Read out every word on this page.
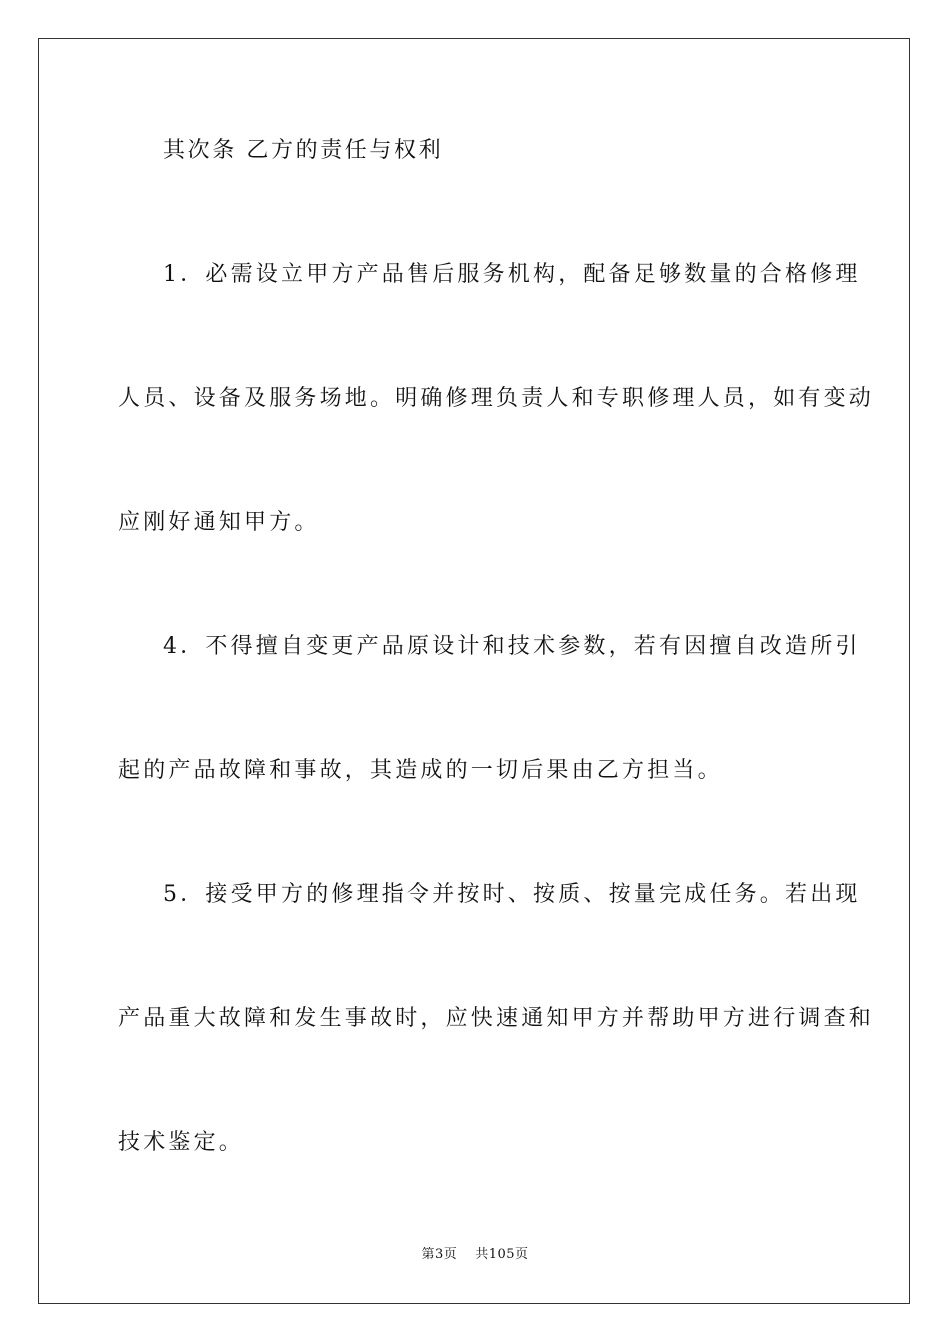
其次条 乙方的责任与权利
1．必需设立甲方产品售后服务机构，配备足够数量的合格修理
人员、设备及服务场地。明确修理负责人和专职修理人员，如有变动
应刚好通知甲方。
4．不得擅自变更产品原设计和技术参数，若有因擅自改造所引
起的产品故障和事故，其造成的一切后果由乙方担当。
5．接受甲方的修理指令并按时、按质、按量完成任务。若出现
产品重大故障和发生事故时，应快速通知甲方并帮助甲方进行调查和
技术鉴定。
第3页 共105页
